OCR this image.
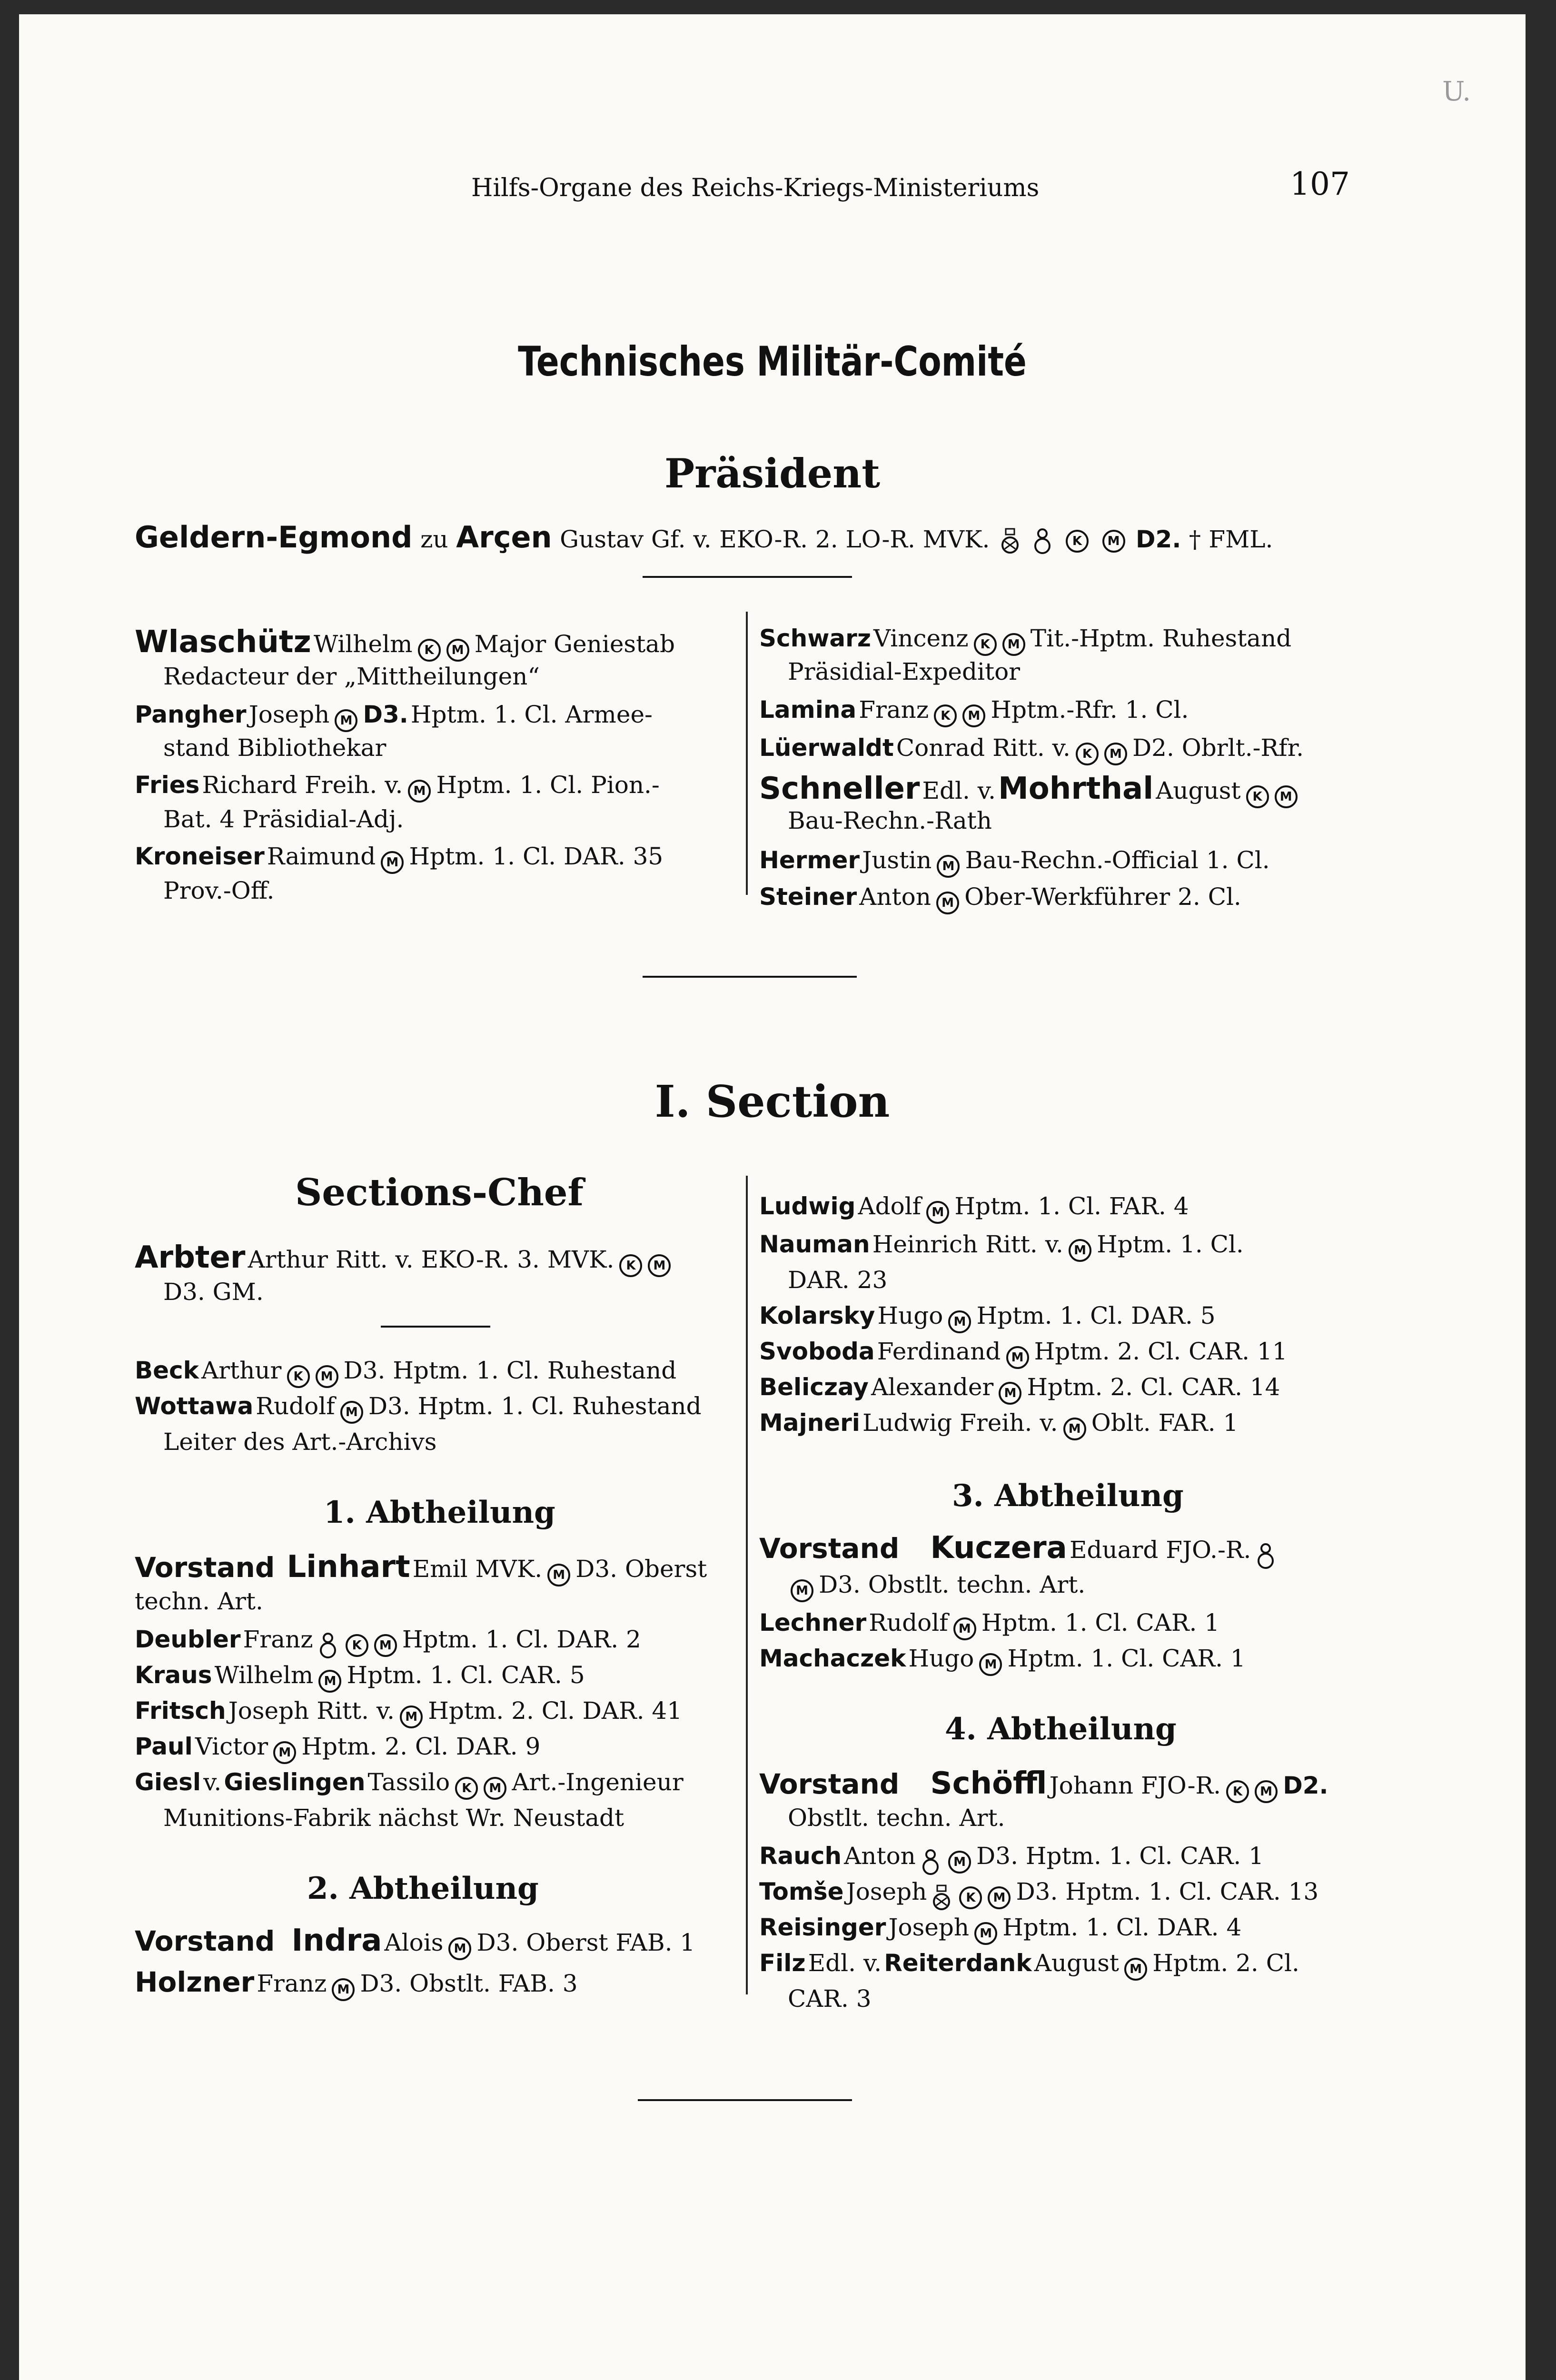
U.
Hilfs-Organe des Reichs-Kriegs-Ministeriums	107
Technisches Militär-Comité
Präsident
Geldern-Egmond zu Arçen Gustav Gf. v. EKO-R. 2. LO-R. MVK.	K M D2. † FML.
Wlaschütz Wilhelm K M Major Geniestab
Redacteur der „Mittheilungen“
Pangher Joseph M D3. Hptm. 1. Cl. Armee-
stand Bibliothekar
Fries Richard Freih. v. M Hptm. 1. Cl. Pion.-
Bat. 4 Präsidial-Adj.
Kroneiser Raimund M Hptm. 1. Cl. DAR. 35
Prov.-Off.
Schwarz Vincenz K M Tit.-Hptm. Ruhestand
Präsidial-Expeditor
Lamina Franz K M Hptm.-Rfr. 1. Cl.
Lüerwaldt Conrad Ritt. v. K M D2. Obrlt.-Rfr.
Schneller Edl. v. Mohrthal August K M
Bau-Rechn.-Rath
Hermer Justin M Bau-Rechn.-Official 1. Cl.
Steiner Anton M Ober-Werkführer 2. Cl.
I. Section
Sections-Chef
Arbter Arthur Ritt. v. EKO-R. 3. MVK. K M
D3. GM.
Beck Arthur K M D3. Hptm. 1. Cl. Ruhestand
Wottawa Rudolf M D3. Hptm. 1. Cl. Ruhestand
Leiter des Art.-Archivs
1. Abtheilung
Vorstand Linhart Emil MVK. M D3. Oberst
techn. Art.
Deubler Franz	K M Hptm. 1. Cl. DAR. 2
Kraus Wilhelm M Hptm. 1. Cl. CAR. 5
Fritsch Joseph Ritt. v. M Hptm. 2. Cl. DAR. 41
Paul Victor M Hptm. 2. Cl. DAR. 9
Giesl v. Gieslingen Tassilo K M Art.-Ingenieur
Munitions-Fabrik nächst Wr. Neustadt
2. Abtheilung
Vorstand Indra Alois M D3. Oberst FAB. 1
Holzner Franz M D3. Obstlt. FAB. 3
Ludwig Adolf M Hptm. 1. Cl. FAR. 4
Nauman Heinrich Ritt. v. M Hptm. 1. Cl.
DAR. 23
Kolarsky Hugo M Hptm. 1. Cl. DAR. 5
Svoboda Ferdinand M Hptm. 2. Cl. CAR. 11
Beliczay Alexander M Hptm. 2. Cl. CAR. 14
Majneri Ludwig Freih. v. M Oblt. FAR. 1
3. Abtheilung
Vorstand Kuczera Eduard FJO.-R.
M D3. Obstlt. techn. Art.
Lechner Rudolf M Hptm. 1. Cl. CAR. 1
Machaczek Hugo M Hptm. 1. Cl. CAR. 1
4. Abtheilung
Vorstand Schöffl Johann FJO-R. K M D2.
Obstlt. techn. Art.
Rauch Anton	M D3. Hptm. 1. Cl. CAR. 1
Tomše Joseph	K M D3. Hptm. 1. Cl. CAR. 13
Reisinger Joseph M Hptm. 1. Cl. DAR. 4
Filz Edl. v. Reiterdank August M Hptm. 2. Cl.
CAR. 3
